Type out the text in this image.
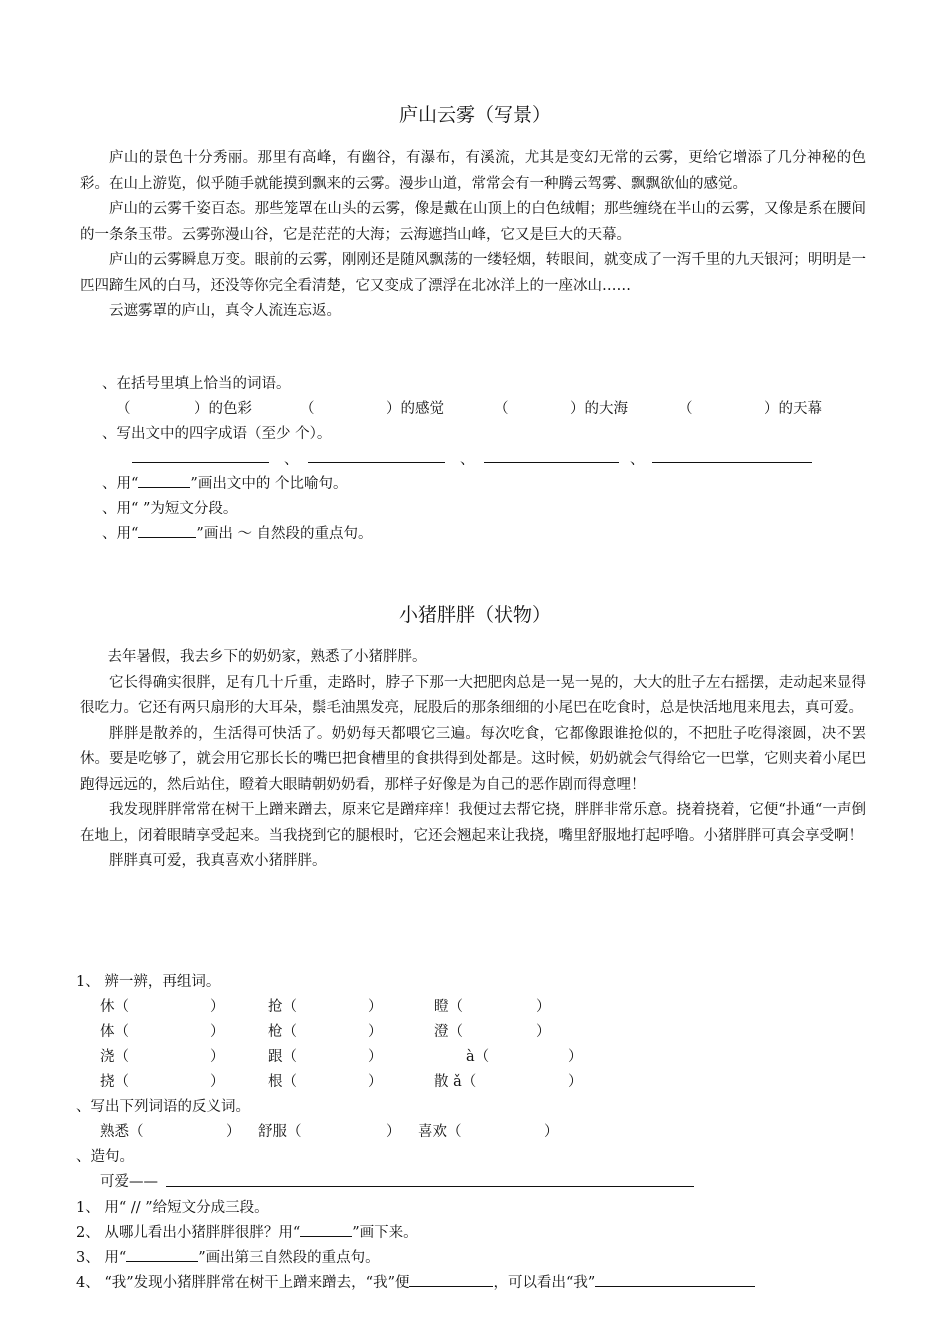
庐山云雾（写景）

庐山的景色十分秀丽。那里有高峰，有幽谷，有瀑布，有溪流，尤其是变幻无常的云雾，更给它增添了几分神秘的色彩。在山上游览，似乎随手就能摸到飘来的云雾。漫步山道，常常会有一种腾云驾雾、飘飘欲仙的感觉。

庐山的云雾千姿百态。那些笼罩在山头的云雾，像是戴在山顶上的白色绒帽；那些缠绕在半山的云雾，又像是系在腰间的一条条玉带。云雾弥漫山谷，它是茫茫的大海；云海遮挡山峰，它又是巨大的天幕。

庐山的云雾瞬息万变。眼前的云雾，刚刚还是随风飘荡的一缕轻烟，转眼间，就变成了一泻千里的九天银河；明明是一匹四蹄生风的白马，还没等你完全看清楚，它又变成了漂浮在北冰洋上的一座冰山……

云遮雾罩的庐山，真令人流连忘返。

、在括号里填上恰当的词语。
（	）的色彩	（	）的感觉	（	）的大海	（	）的天幕
、写出文中的四字成语（至少 个）。
、	、	、
、用“	”画出文中的 个比喻句。
、用“ ”为短文分段。
、用“	”画出 ～ 自然段的重点句。
小猪胖胖（状物）

去年暑假，我去乡下的奶奶家，熟悉了小猪胖胖。

它长得确实很胖，足有几十斤重，走路时，脖子下那一大把肥肉总是一晃一晃的，大大的肚子左右摇摆，走动起来显得很吃力。它还有两只扇形的大耳朵，鬃毛油黑发亮，屁股后的那条细细的小尾巴在吃食时，总是快活地甩来甩去，真可爱。

胖胖是散养的，生活得可快活了。奶奶每天都喂它三遍。每次吃食，它都像跟谁抢似的，不把肚子吃得滚圆，决不罢休。要是吃够了，就会用它那长长的嘴巴把食槽里的食拱得到处都是。这时候，奶奶就会气得给它一巴掌，它则夹着小尾巴跑得远远的，然后站住，瞪着大眼睛朝奶奶看，那样子好像是为自己的恶作剧而得意哩！

我发现胖胖常常在树干上蹭来蹭去，原来它是蹭痒痒！我便过去帮它挠，胖胖非常乐意。挠着挠着，它便“扑通“一声倒在地上，闭着眼睛享受起来。当我挠到它的腿根时，它还会翘起来让我挠，嘴里舒服地打起呼噜。小猪胖胖可真会享受啊！

胖胖真可爱，我真喜欢小猪胖胖。

1、 辨一辨，再组词。
休（	）	抢（	）	瞪（	）
体（	）	枪（	）	澄（	）
浇（	）	跟（	）	à（	）
挠（	）	根（	）	散 ǎ（	）
、写出下列词语的反义词。
熟悉（	） 舒服（	） 喜欢（	）
、造句。
可爱——
1、 用“ // ”给短文分成三段。
2、 从哪儿看出小猪胖胖很胖？用“	”画下来。
3、 用“	”画出第三自然段的重点句。
4、 “我”发现小猪胖胖常在树干上蹭来蹭去，“我”便	，可以看出“我”
